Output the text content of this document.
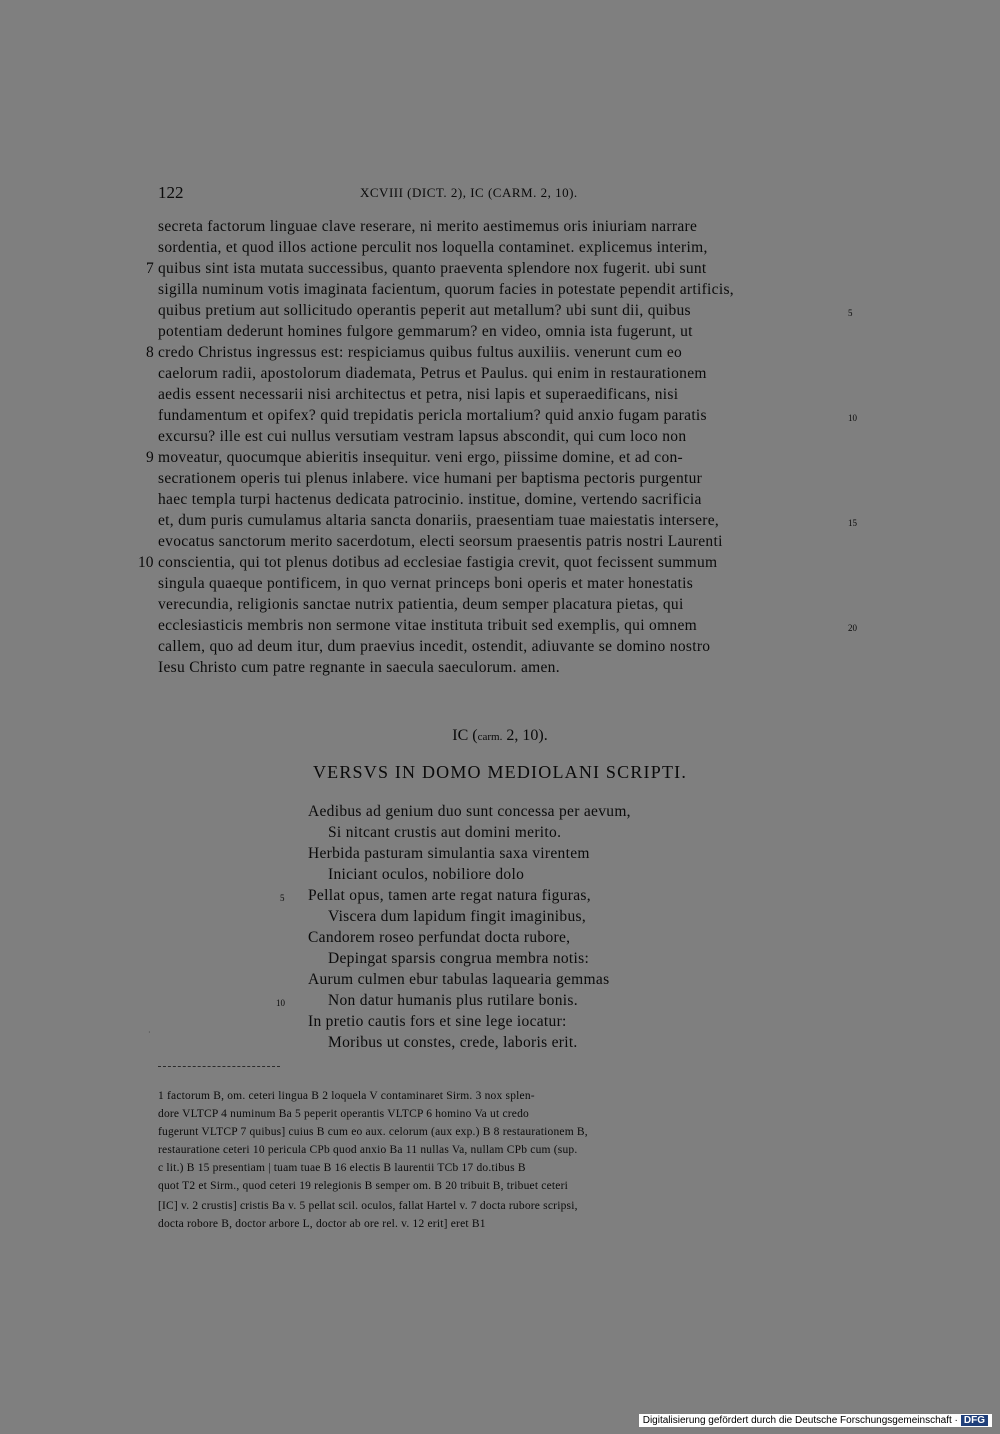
122	XCVIII (DICT. 2), IC (CARM. 2, 10).
secreta factorum linguae clave reserare, ni merito aestimemus oris iniuriam narrare
sordentia, et quod illos actione perculit nos loquella contaminet. explicemus interim,
quibus sint ista mutata successibus, quanto praeventa splendore nox fugerit. ubi sunt
sigilla numinum votis imaginata facientum, quorum facies in potestate pependit artificis,
quibus pretium aut sollicitudo operantis peperit aut metallum? ubi sunt dii, quibus
potentiam dederunt homines fulgore gemmarum? en video, omnia ista fugerunt, ut
credo Christus ingressus est: respiciamus quibus fultus auxiliis. venerunt cum eo
caelorum radii, apostolorum diademata, Petrus et Paulus. qui enim in restaurationem
aedis essent necessarii nisi architectus et petra, nisi lapis et superaedificans, nisi
fundamentum et opifex? quid trepidatis pericla mortalium? quid anxio fugam paratis
excursu? ille est cui nullus versutiam vestram lapsus abscondit, qui cum loco non
moveatur, quocumque abieritis insequitur. veni ergo, piissime domine, et ad con-
secrationem operis tui plenus inlabere. vice humani per baptisma pectoris purgentur
haec templa turpi hactenus dedicata patrocinio. institue, domine, vertendo sacrificia
et, dum puris cumulamus altaria sancta donariis, praesentiam tuae maiestatis intersere,
evocatus sanctorum merito sacerdotum, electi seorsum praesentis patris nostri Laurenti
conscientia, qui tot plenus dotibus ad ecclesiae fastigia crevit, quot fecissent summum
singula quaeque pontificem, in quo vernat princeps boni operis et mater honestatis
verecundia, religionis sanctae nutrix patientia, deum semper placatura pietas, qui
ecclesiasticis membris non sermone vitae instituta tribuit sed exemplis, qui omnem
callem, quo ad deum itur, dum praevius incedit, ostendit, adiuvante se domino nostro
Iesu Christo cum patre regnante in saecula saeculorum. amen.
7
8
9
10
5
10
15
20
IC (carm. 2, 10).
VERSVS IN DOMO MEDIOLANI SCRIPTI.
Aedibus ad genium duo sunt concessa per aevum,
Si nitcant crustis aut domini merito.
Herbida pasturam simulantia saxa virentem
Iniciant oculos, nobiliore dolo
Pellat opus, tamen arte regat natura figuras,
Viscera dum lapidum fingit imaginibus,
Candorem roseo perfundat docta rubore,
Depingat sparsis congrua membra notis:
Aurum culmen ebur tabulas laquearia gemmas
Non datur humanis plus rutilare bonis.
In pretio cautis fors et sine lege iocatur:
Moribus ut constes, crede, laboris erit.
5
10
·
1 factorum B, om. ceteri lingua B 2 loquela V contaminaret Sirm. 3 nox splen-
dore VLTCP 4 numinum Ba 5 peperit operantis VLTCP 6 homino Va ut credo
fugerunt VLTCP 7 quibus] cuius B cum eo aux. celorum (aux exp.) B 8 restaurationem B,
restauratione ceteri 10 pericula CPb quod anxio Ba 11 nullas Va, nullam CPb cum (sup.
c lit.) B 15 presentiam | tuam tuae B 16 electis B laurentii TCb 17 do.tibus B
quot T2 et Sirm., quod ceteri 19 relegionis B semper om. B 20 tribuit B, tribuet ceteri
[IC] v. 2 crustis] cristis Ba v. 5 pellat scil. oculos, fallat Hartel v. 7 docta rubore scripsi,
docta robore B, doctor arbore L, doctor ab ore rel. v. 12 erit] eret B1
Digitalisierung gefördert durch die Deutsche Forschungsgemeinschaft · DFG
